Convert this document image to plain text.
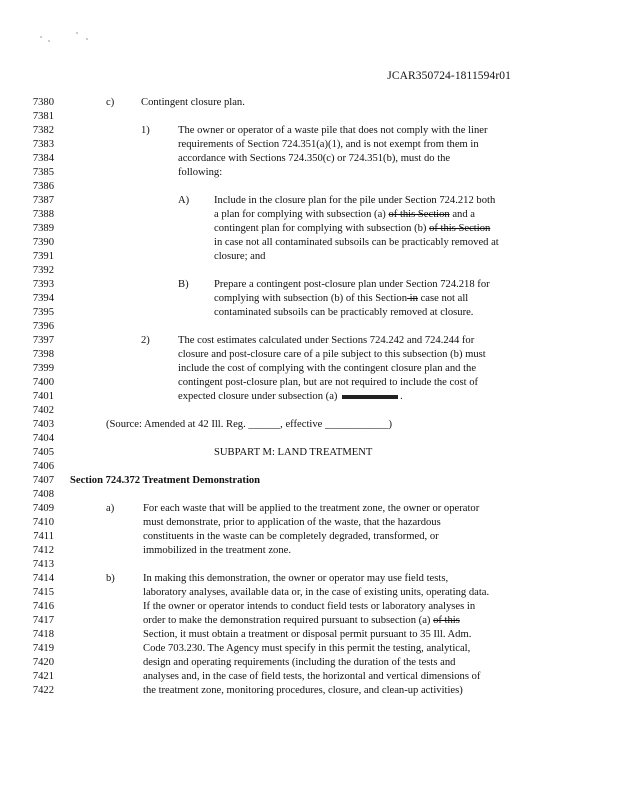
JCAR350724-1811594r01
7380	c)	Contingent closure plan.
7381
7382	1)	The owner or operator of a waste pile that does not comply with the liner
7383	requirements of Section 724.351(a)(1), and is not exempt from them in
7384	accordance with Sections 724.350(c) or 724.351(b), must do the
7385	following:
7386
7387	A) Include in the closure plan for the pile under Section 724.212 both
7388	a plan for complying with subsection (a) of this Section and a
7389	contingent plan for complying with subsection (b) of this Section
7390	in case not all contaminated subsoils can be practicably removed at
7391	closure; and
7392
7393	B) Prepare a contingent post-closure plan under Section 724.218 for
7394	complying with subsection (b) of this Section in case not all
7395	contaminated subsoils can be practicably removed at closure.
7396
7397	2)	The cost estimates calculated under Sections 724.242 and 724.244 for
7398	closure and post-closure care of a pile subject to this subsection (b) must
7399	include the cost of complying with the contingent closure plan and the
7400	contingent post-closure plan, but are not required to include the cost of
7401	expected closure under subsection (a)	.
7402
7403	(Source: Amended at 42 Ill. Reg. ______, effective ____________)
7404
7405	SUBPART M: LAND TREATMENT
7406
7407 Section 724.372 Treatment Demonstration
7408
7409	a)	For each waste that will be applied to the treatment zone, the owner or operator
7410	must demonstrate, prior to application of the waste, that the hazardous
7411	constituents in the waste can be completely degraded, transformed, or
7412	immobilized in the treatment zone.
7413
7414	b)	In making this demonstration, the owner or operator may use field tests,
7415	laboratory analyses, available data or, in the case of existing units, operating data.
7416	If the owner or operator intends to conduct field tests or laboratory analyses in
7417	order to make the demonstration required pursuant to subsection (a) of this
7418	Section, it must obtain a treatment or disposal permit pursuant to 35 Ill. Adm.
7419	Code 703.230. The Agency must specify in this permit the testing, analytical,
7420	design and operating requirements (including the duration of the tests and
7421	analyses and, in the case of field tests, the horizontal and vertical dimensions of
7422	the treatment zone, monitoring procedures, closure, and clean-up activities)
